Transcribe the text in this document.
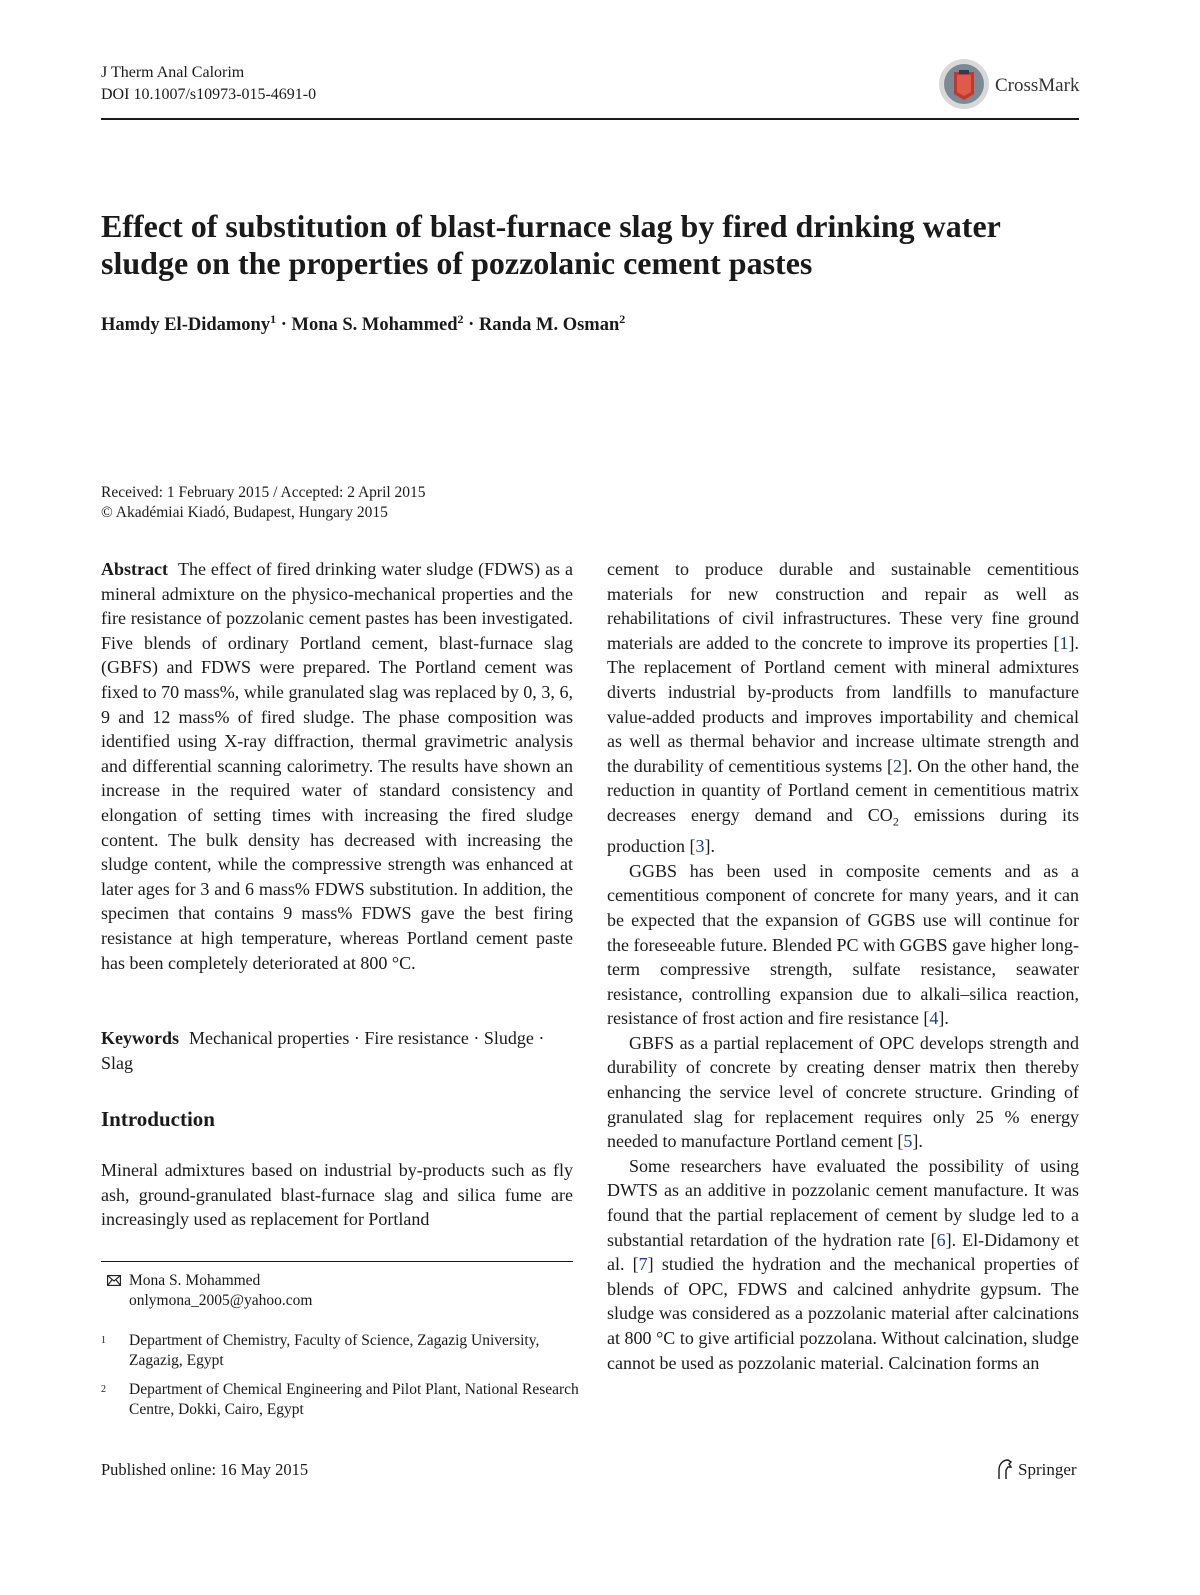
J Therm Anal Calorim
DOI 10.1007/s10973-015-4691-0	CrossMark
Effect of substitution of blast-furnace slag by fired drinking water sludge on the properties of pozzolanic cement pastes
Hamdy El-Didamony$^1$ · Mona S. Mohammed$^2$ · Randa M. Osman$^2$
Received: 1 February 2015 / Accepted: 2 April 2015
© Akadémiai Kiadó, Budapest, Hungary 2015

Abstract The effect of fired drinking water sludge (FDWS) as a mineral admixture on the physico-mechanical properties and the fire resistance of pozzolanic cement pastes has been investigated. Five blends of ordinary Portland cement, blast-furnace slag (GBFS) and FDWS were prepared. The Portland cement was fixed to 70 mass%, while granulated slag was replaced by 0, 3, 6, 9 and 12 mass% of fired sludge. The phase composition was identified using X-ray diffraction, thermal gravimetric analysis and differential scanning calorimetry. The results have shown an increase in the required water of standard consistency and elongation of setting times with increasing the fired sludge content. The bulk density has decreased with increasing the sludge content, while the compressive strength was enhanced at later ages for 3 and 6 mass% FDWS substitution. In addition, the specimen that contains 9 mass% FDWS gave the best firing resistance at high temperature, whereas Portland cement paste has been completely deteriorated at 800 °C.

Keywords Mechanical properties · Fire resistance · Sludge · Slag

Introduction

Mineral admixtures based on industrial by-products such as fly ash, ground-granulated blast-furnace slag and silica fume are increasingly used as replacement for Portland

Mona S. Mohammed
onlymona_2005@yahoo.com
1 Department of Chemistry, Faculty of Science, Zagazig University, Zagazig, Egypt
2 Department of Chemical Engineering and Pilot Plant, National Research Centre, Dokki, Cairo, Egypt

cement to produce durable and sustainable cementitious materials for new construction and repair as well as rehabilitations of civil infrastructures. These very fine ground materials are added to the concrete to improve its properties [1]. The replacement of Portland cement with mineral admixtures diverts industrial by-products from landfills to manufacture value-added products and improves importability and chemical as well as thermal behavior and increase ultimate strength and the durability of cementitious systems [2]. On the other hand, the reduction in quantity of Portland cement in cementitious matrix decreases energy demand and $CO_2$ emissions during its production [3].

GGBS has been used in composite cements and as a cementitious component of concrete for many years, and it can be expected that the expansion of GGBS use will continue for the foreseeable future. Blended PC with GGBS gave higher long-term compressive strength, sulfate resistance, seawater resistance, controlling expansion due to alkali–silica reaction, resistance of frost action and fire resistance [4].

GBFS as a partial replacement of OPC develops strength and durability of concrete by creating denser matrix then thereby enhancing the service level of concrete structure. Grinding of granulated slag for replacement requires only 25 % energy needed to manufacture Portland cement [5].

Some researchers have evaluated the possibility of using DWTS as an additive in pozzolanic cement manufacture. It was found that the partial replacement of cement by sludge led to a substantial retardation of the hydration rate [6]. El-Didamony et al. [7] studied the hydration and the mechanical properties of blends of OPC, FDWS and calcined anhydrite gypsum. The sludge was considered as a pozzolanic material after calcinations at 800 °C to give artificial pozzolana. Without calcination, sludge cannot be used as pozzolanic material. Calcination forms an

Published online: 16 May 2015	Springer
